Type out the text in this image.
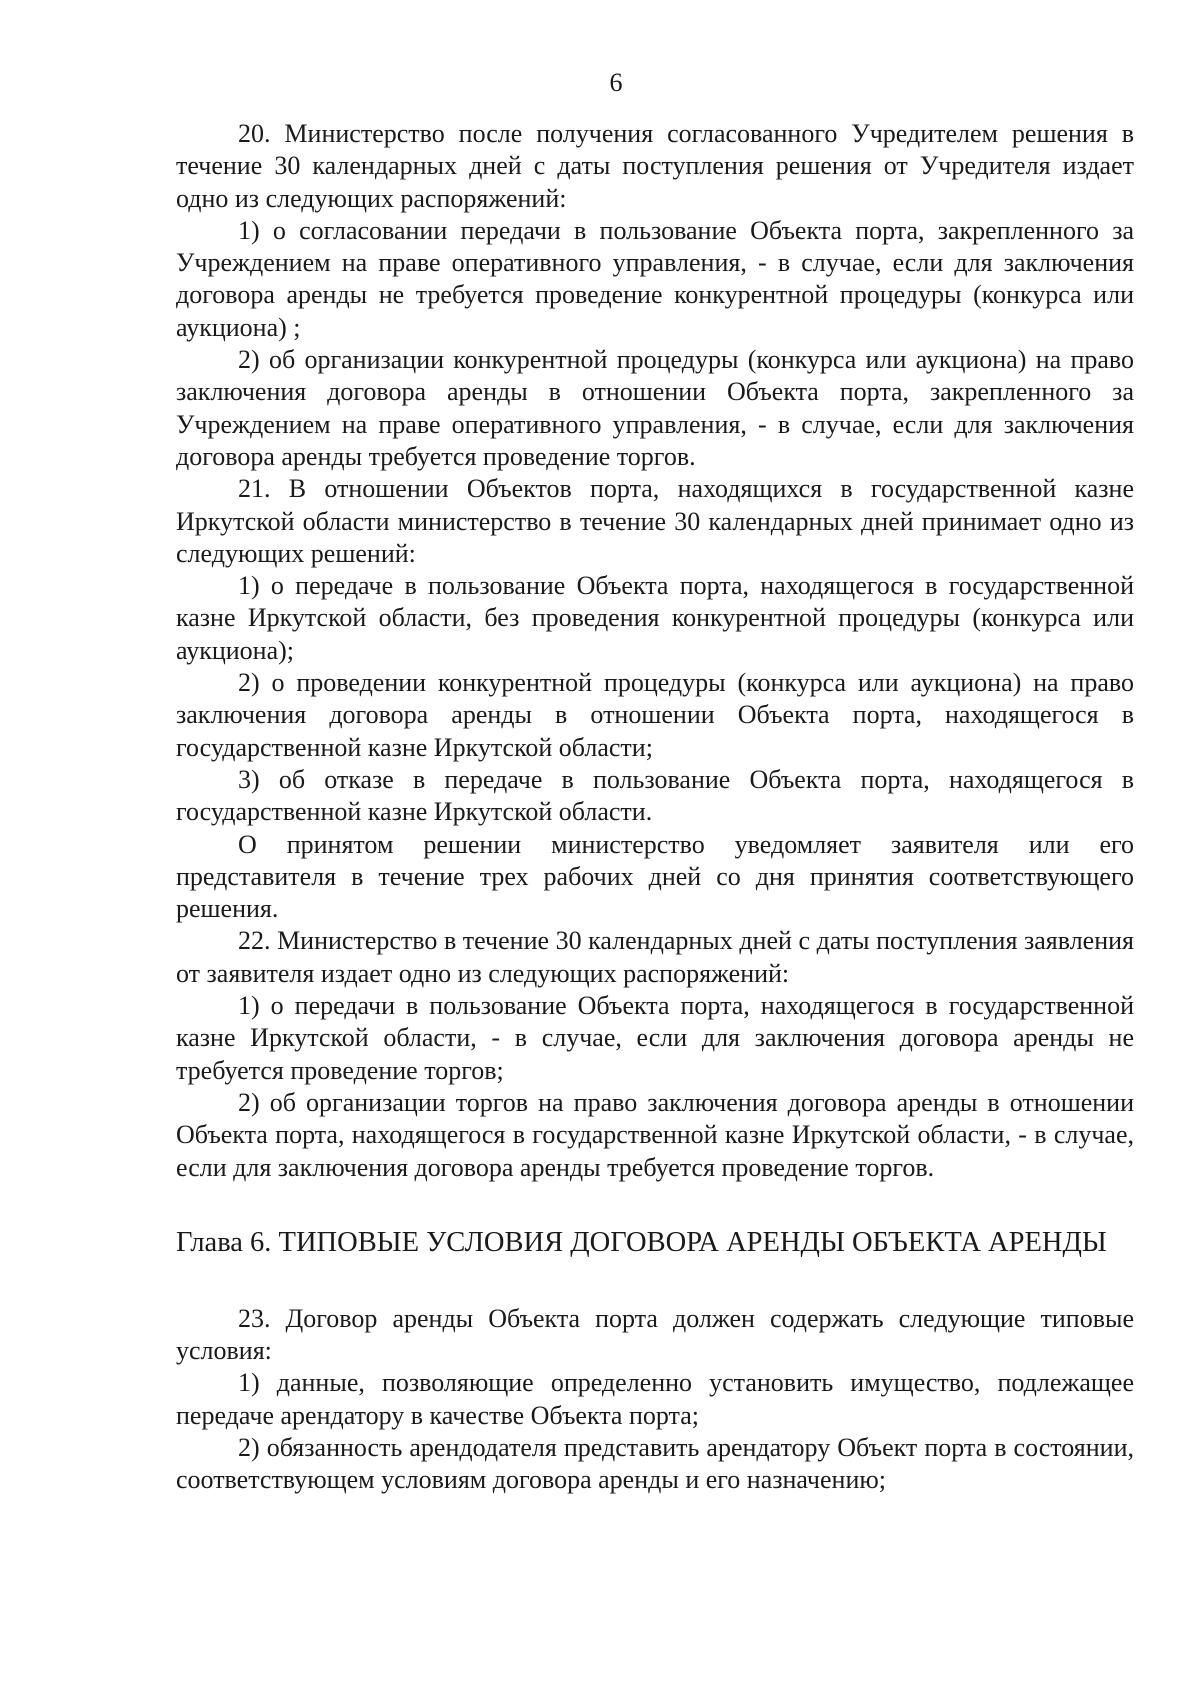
6

20. Министерство после получения согласованного Учредителем решения в течение 30 календарных дней с даты поступления решения от Учредителя издает одно из следующих распоряжений:

1) о согласовании передачи в пользование Объекта порта, закрепленного за Учреждением на праве оперативного управления, - в случае, если для заключения договора аренды не требуется проведение конкурентной процедуры (конкурса или аукциона) ;

2) об организации конкурентной процедуры (конкурса или аукциона) на право заключения договора аренды в отношении Объекта порта, закрепленного за Учреждением на праве оперативного управления, - в случае, если для заключения договора аренды требуется проведение торгов.

21. В отношении Объектов порта, находящихся в государственной казне Иркутской области министерство в течение 30 календарных дней принимает одно из следующих решений:

1) о передаче в пользование Объекта порта, находящегося в государственной казне Иркутской области, без проведения конкурентной процедуры (конкурса или аукциона);

2) о проведении конкурентной процедуры (конкурса или аукциона) на право заключения договора аренды в отношении Объекта порта, находящегося в государственной казне Иркутской области;

3) об отказе в передаче в пользование Объекта порта, находящегося в государственной казне Иркутской области.

О принятом решении министерство уведомляет заявителя или его представителя в течение трех рабочих дней со дня принятия соответствующего решения.

22. Министерство в течение 30 календарных дней с даты поступления заявления от заявителя издает одно из следующих распоряжений:

1) о передачи в пользование Объекта порта, находящегося в государственной казне Иркутской области, - в случае, если для заключения договора аренды не требуется проведение торгов;

2) об организации торгов на право заключения договора аренды в отношении Объекта порта, находящегося в государственной казне Иркутской области, - в случае, если для заключения договора аренды требуется проведение торгов.

Глава 6. ТИПОВЫЕ УСЛОВИЯ ДОГОВОРА АРЕНДЫ ОБЪЕКТА АРЕНДЫ

23. Договор аренды Объекта порта должен содержать следующие типовые условия:

1) данные, позволяющие определенно установить имущество, подлежащее передаче арендатору в качестве Объекта порта;

2) обязанность арендодателя представить арендатору Объект порта в состоянии, соответствующем условиям договора аренды и его назначению;
